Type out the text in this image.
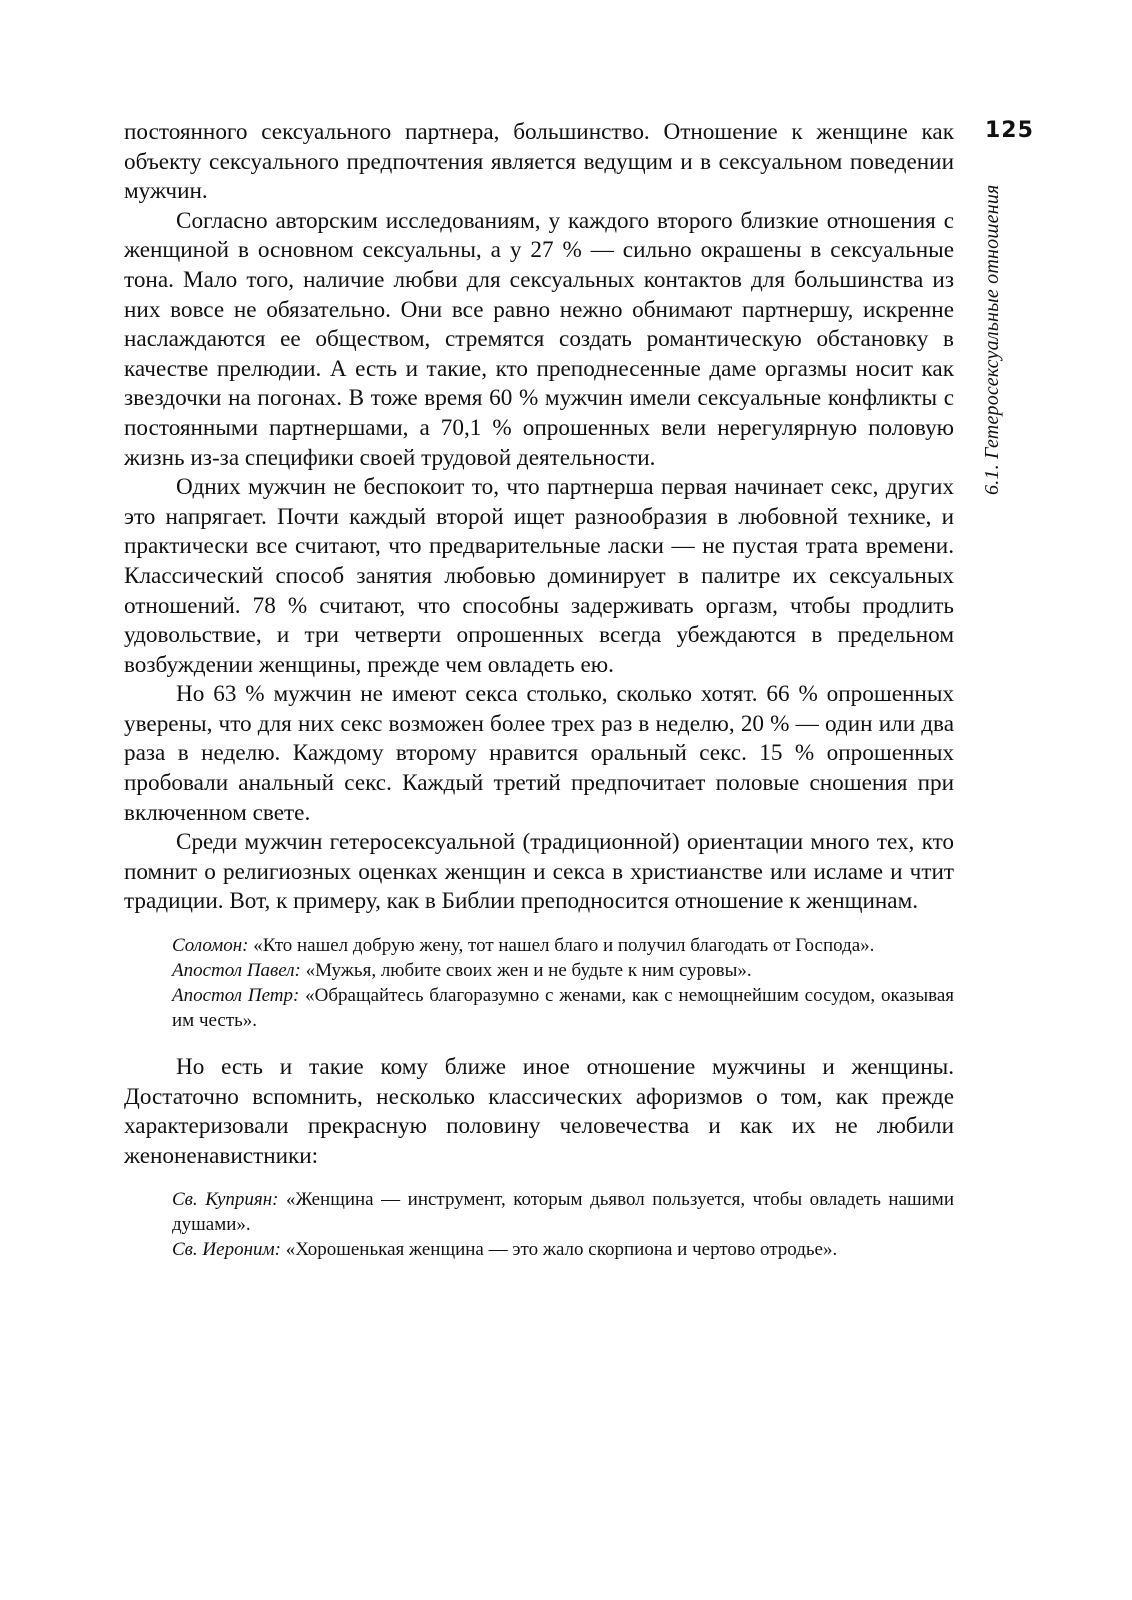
125
6.1. Гетеросексуальные отношения

постоянного сексуального партнера, большинство. Отношение к женщине как объекту сексуального предпочтения является ведущим и в сексуальном поведении мужчин.

Согласно авторским исследованиям, у каждого второго близкие отношения с женщиной в основном сексуальны, а у 27 % — сильно окрашены в сексуальные тона. Мало того, наличие любви для сексуальных контактов для большинства из них вовсе не обязательно. Они все равно нежно обнимают партнершу, искренне наслаждаются ее обществом, стремятся создать романтическую обстановку в качестве прелюдии. А есть и такие, кто преподнесенные даме оргазмы носит как звездочки на погонах. В тоже время 60 % мужчин имели сексуальные конфликты с постоянными партнершами, а 70,1 % опрошенных вели нерегулярную половую жизнь из-за специфики своей трудовой деятельности.

Одних мужчин не беспокоит то, что партнерша первая начинает секс, других это напрягает. Почти каждый второй ищет разнообразия в любовной технике, и практически все считают, что предварительные ласки — не пустая трата времени. Классический способ занятия любовью доминирует в палитре их сексуальных отношений. 78 % считают, что способны задерживать оргазм, чтобы продлить удовольствие, и три четверти опрошенных всегда убеждаются в предельном возбуждении женщины, прежде чем овладеть ею.

Но 63 % мужчин не имеют секса столько, сколько хотят. 66 % опрошенных уверены, что для них секс возможен более трех раз в неделю, 20 % — один или два раза в неделю. Каждому второму нравится оральный секс. 15 % опрошенных пробовали анальный секс. Каждый третий предпочитает половые сношения при включенном свете.

Среди мужчин гетеросексуальной (традиционной) ориентации много тех, кто помнит о религиозных оценках женщин и секса в христианстве или исламе и чтит традиции. Вот, к примеру, как в Библии преподносится отношение к женщинам.

Соломон: «Кто нашел добрую жену, тот нашел благо и получил благодать от Господа».

Апостол Павел: «Мужья, любите своих жен и не будьте к ним суровы».

Апостол Петр: «Обращайтесь благоразумно с женами, как с немощнейшим сосудом, оказывая им честь».

Но есть и такие кому ближе иное отношение мужчины и женщины. Достаточно вспомнить, несколько классических афоризмов о том, как прежде характеризовали прекрасную половину человечества и как их не любили женоненавистники:

Св. Куприян: «Женщина — инструмент, которым дьявол пользуется, чтобы овладеть нашими душами».

Св. Иероним: «Хорошенькая женщина — это жало скорпиона и чертово отродье».
